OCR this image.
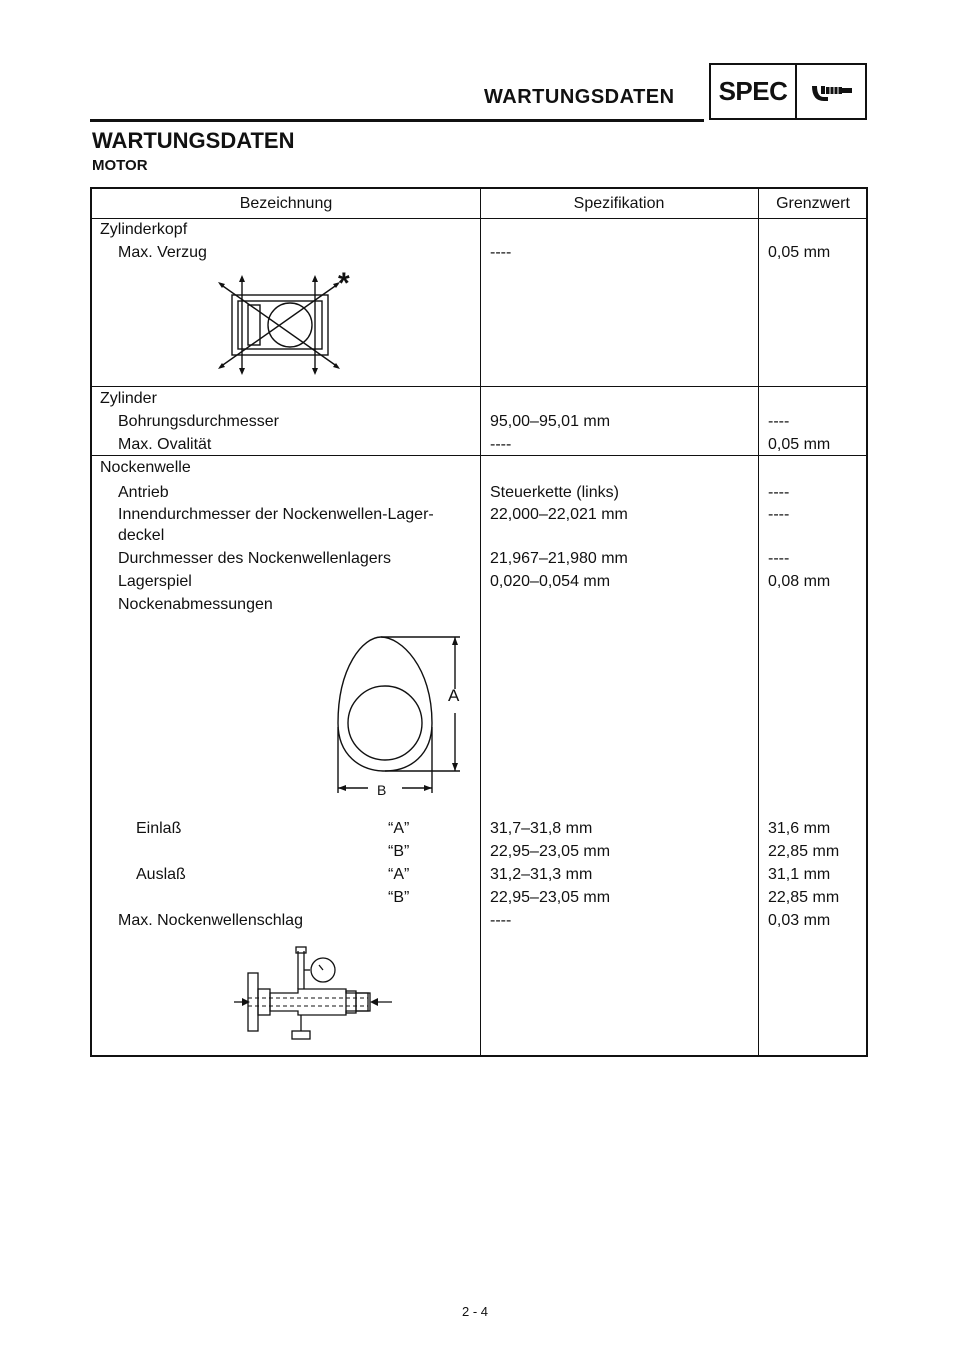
WARTUNGSDATEN SPEC
WARTUNGSDATEN
MOTOR
Bezeichnung	Spezifikation	Grenzwert
Zylinderkopf
Max. Verzug	----	0,05 mm
*
Zylinder
Bohrungsdurchmesser	95,00–95,01 mm	----
Max. Ovalität	----	0,05 mm
Nockenwelle
Antrieb	Steuerkette (links)	----
Innendurchmesser der Nockenwellen-Lager-
deckel
22,000–22,021 mm	----
Durchmesser des Nockenwellenlagers	21,967–21,980 mm	----
Lagerspiel	0,020–0,054 mm	0,08 mm
Nockenabmessungen
A
B
Einlaß	“A”	31,7–31,8 mm	31,6 mm
“B”	22,95–23,05 mm	22,85 mm
Auslaß	“A”	31,2–31,3 mm	31,1 mm
“B”	22,95–23,05 mm	22,85 mm
Max. Nockenwellenschlag	----	0,03 mm
2 - 4
